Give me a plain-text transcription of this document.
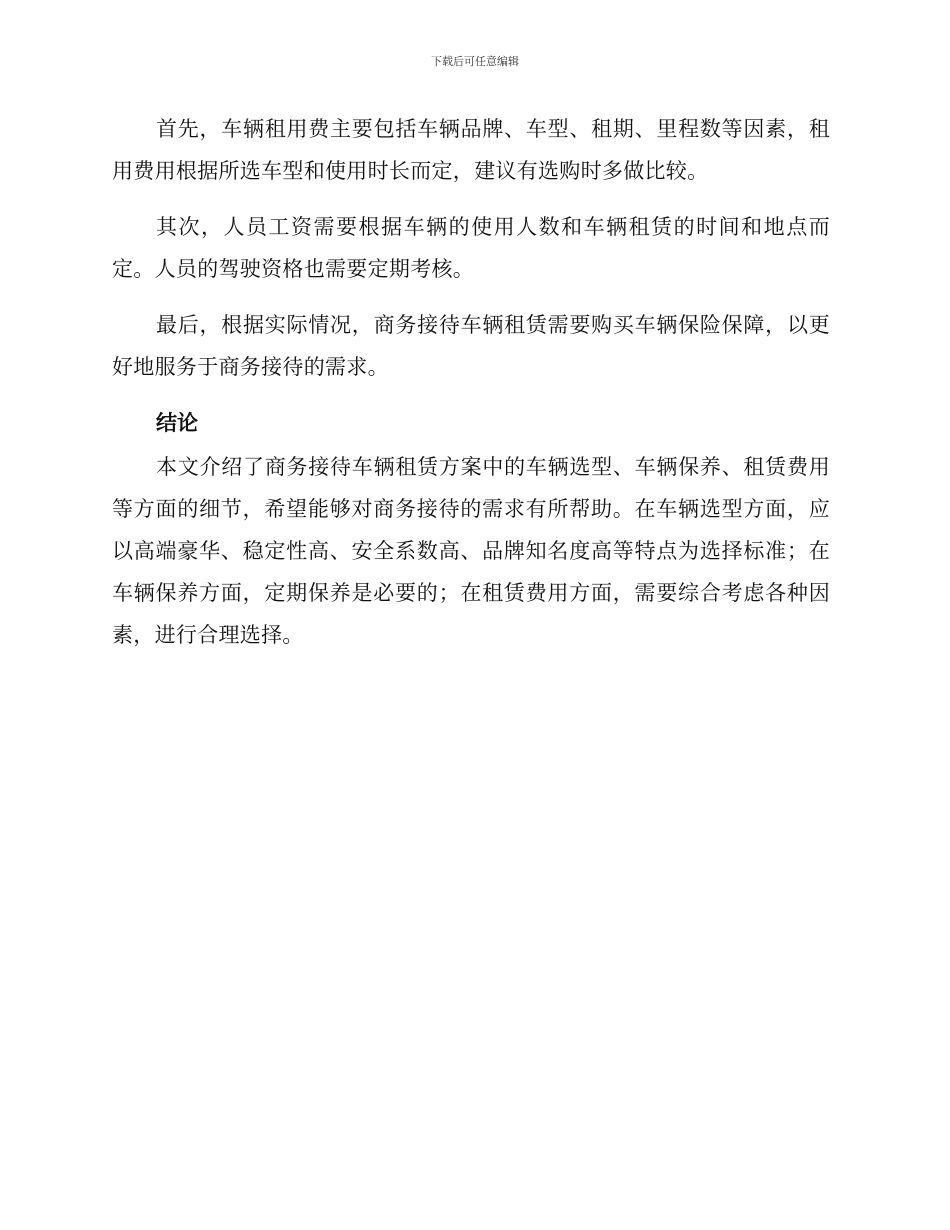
下载后可任意编辑

首先，车辆租用费主要包括车辆品牌、车型、租期、里程数等因素，租用费用根据所选车型和使用时长而定，建议有选购时多做比较。

其次，人员工资需要根据车辆的使用人数和车辆租赁的时间和地点而定。人员的驾驶资格也需要定期考核。

最后，根据实际情况，商务接待车辆租赁需要购买车辆保险保障，以更好地服务于商务接待的需求。

结论

本文介绍了商务接待车辆租赁方案中的车辆选型、车辆保养、租赁费用等方面的细节，希望能够对商务接待的需求有所帮助。在车辆选型方面，应以高端豪华、稳定性高、安全系数高、品牌知名度高等特点为选择标准；在车辆保养方面，定期保养是必要的；在租赁费用方面，需要综合考虑各种因素，进行合理选择。
